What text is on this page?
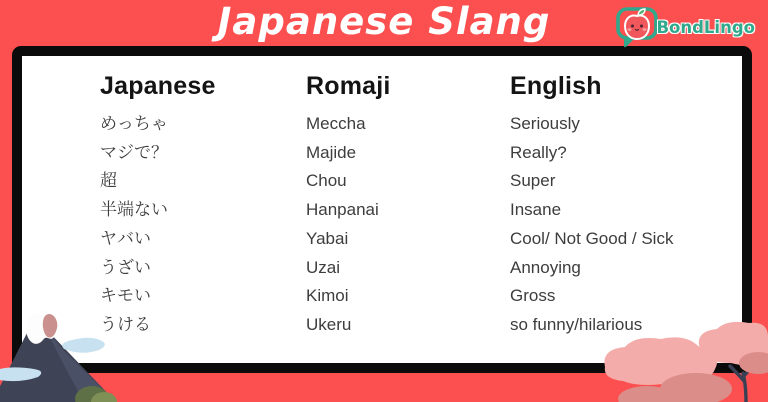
Japanese Slang	BondLingo
Japanese	Romaji	English
めっちゃ	Meccha	Seriously
マジで？	Majide	Really?
超	Chou	Super
半端ない	Hanpanai	Insane
ヤバい	Yabai	Cool/ Not Good / Sick
うざい	Uzai	Annoying
キモい	Kimoi	Gross
うける	Ukeru	so funny/hilarious
